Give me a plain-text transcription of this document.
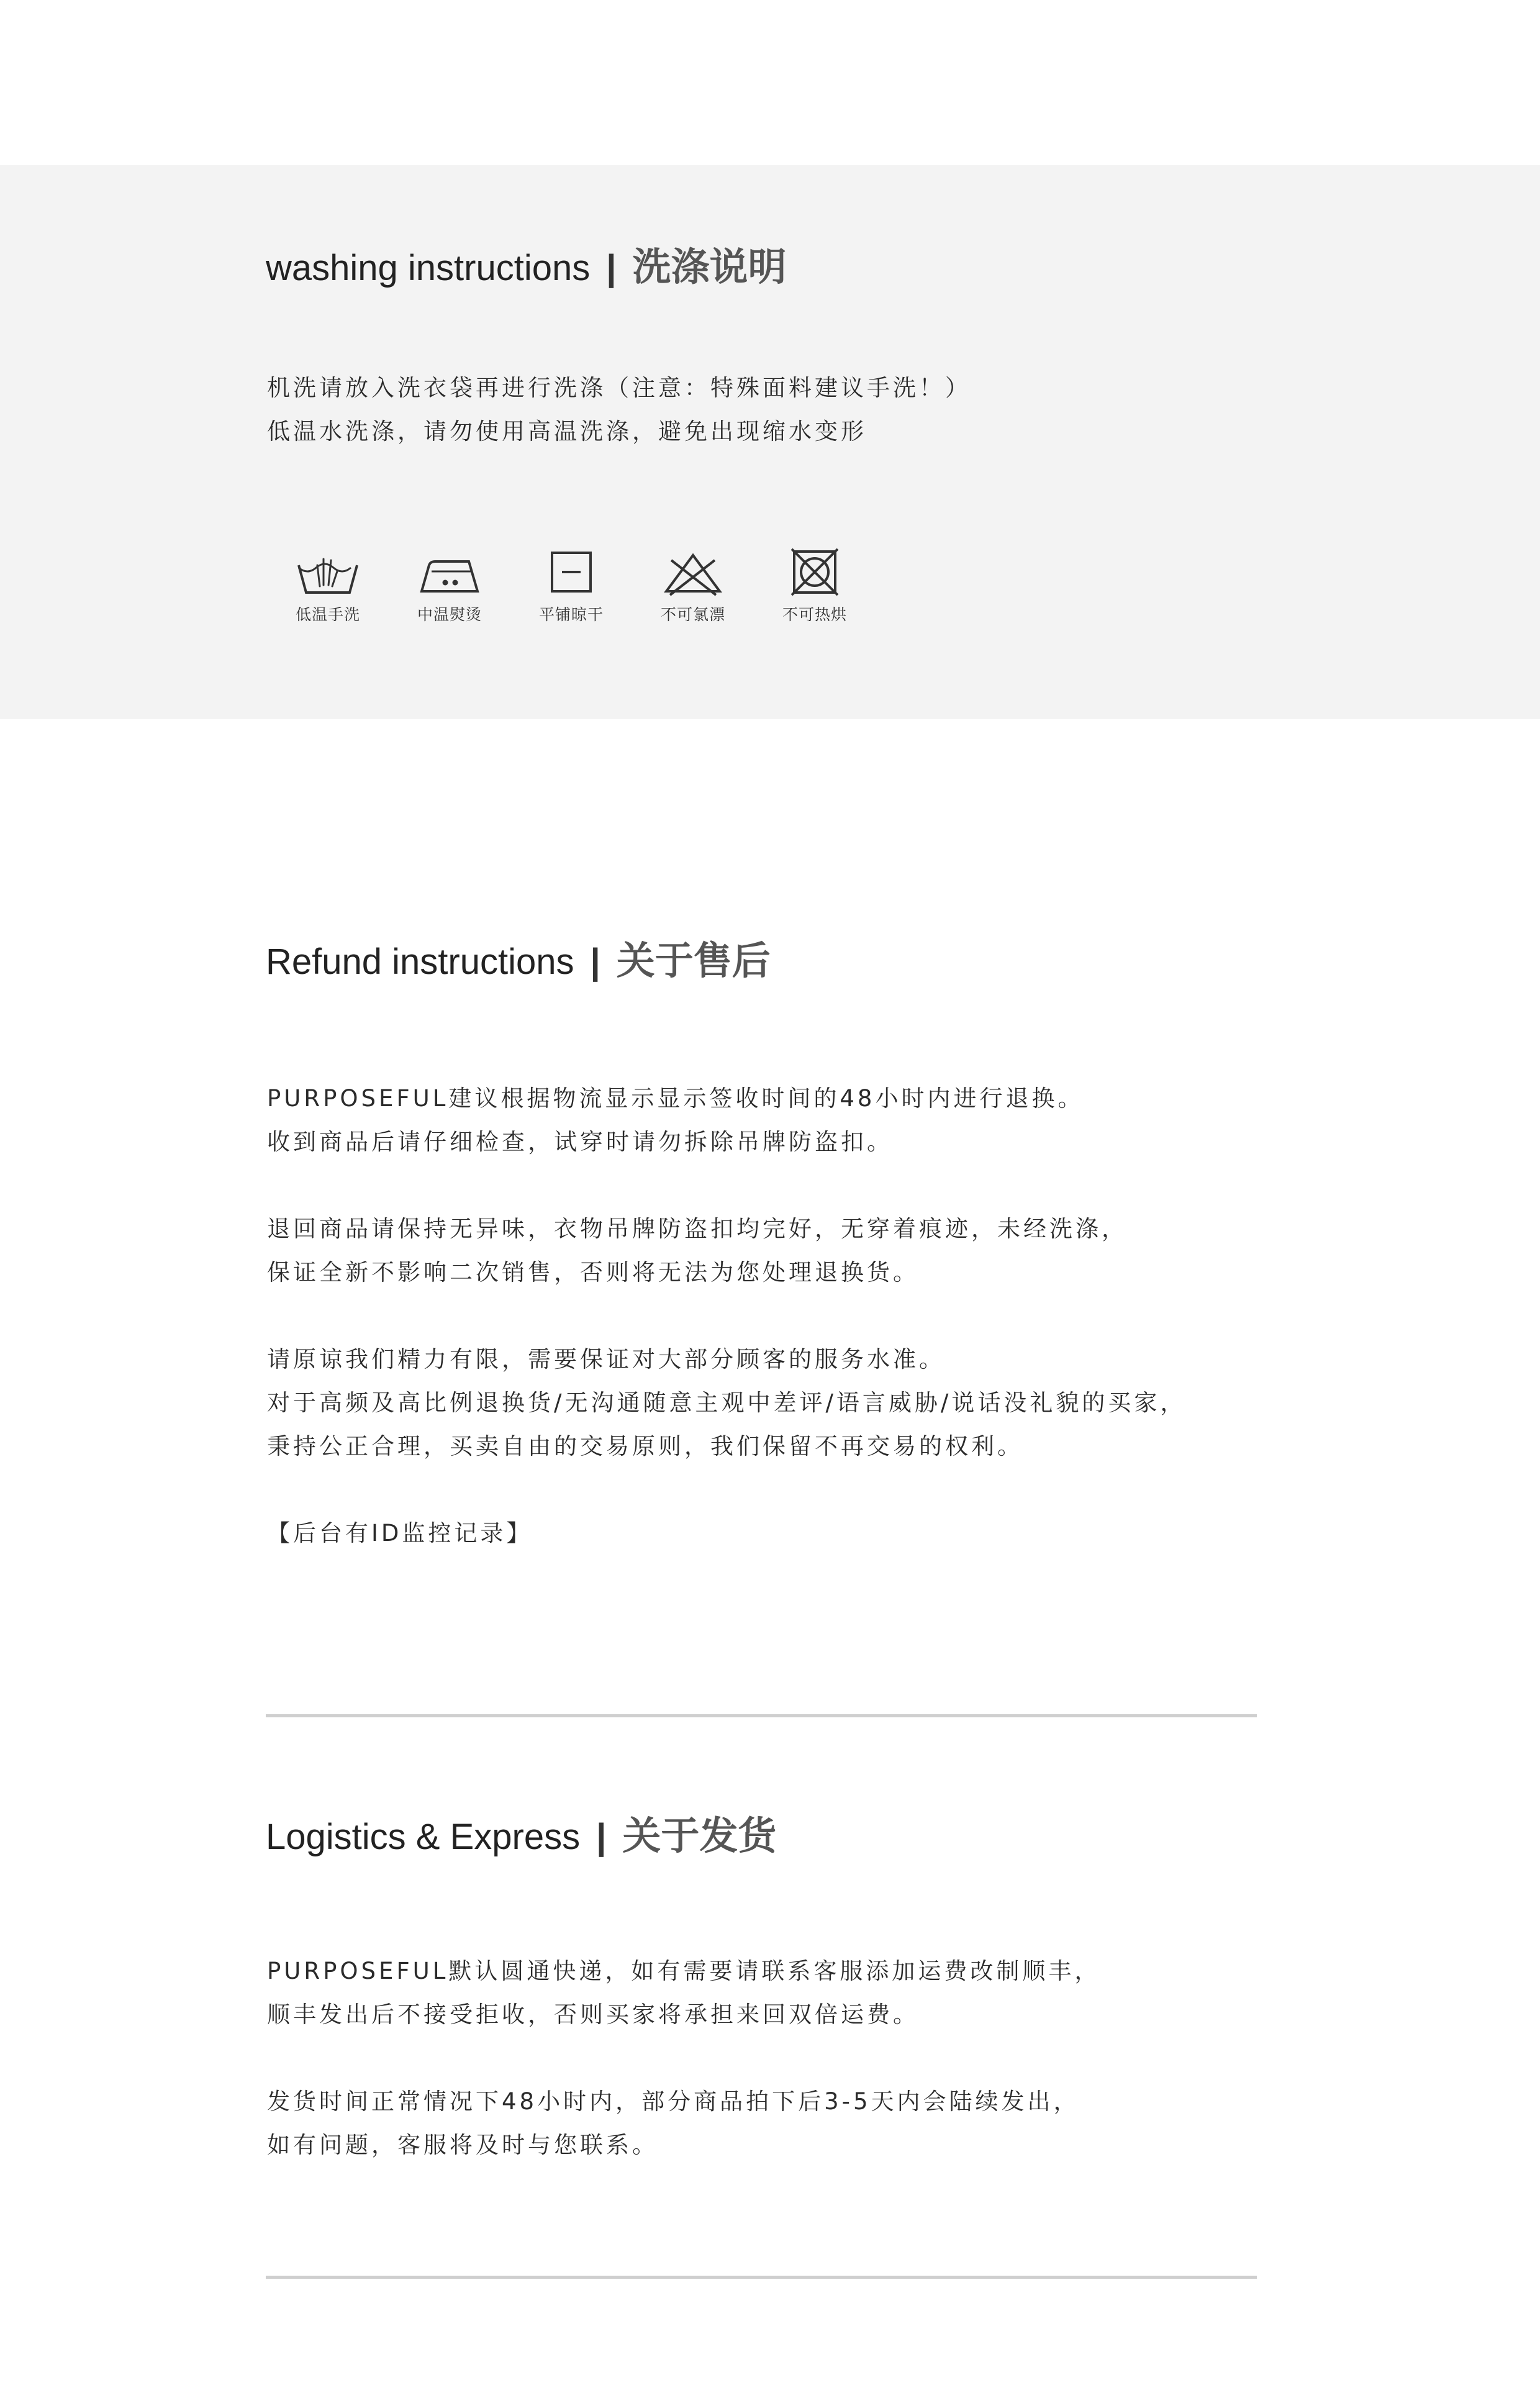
washing instructions | 洗涤说明
机洗请放入洗衣袋再进行洗涤（注意：特殊面料建议手洗！）
低温水洗涤，请勿使用高温洗涤，避免出现缩水变形
低温手洗	中温熨烫	平铺晾干	不可氯漂	不可热烘
Refund instructions | 关于售后
PURPOSEFUL建议根据物流显示显示签收时间的48小时内进行退换。
收到商品后请仔细检查，试穿时请勿拆除吊牌防盗扣。
退回商品请保持无异味，衣物吊牌防盗扣均完好，无穿着痕迹，未经洗涤，
保证全新不影响二次销售，否则将无法为您处理退换货。
请原谅我们精力有限，需要保证对大部分顾客的服务水准。
对于高频及高比例退换货/无沟通随意主观中差评/语言威胁/说话没礼貌的买家，
秉持公正合理，买卖自由的交易原则，我们保留不再交易的权利。
【后台有ID监控记录】
Logistics & Express | 关于发货
PURPOSEFUL默认圆通快递，如有需要请联系客服添加运费改制顺丰，
顺丰发出后不接受拒收，否则买家将承担来回双倍运费。
发货时间正常情况下48小时内，部分商品拍下后3-5天内会陆续发出，
如有问题，客服将及时与您联系。
